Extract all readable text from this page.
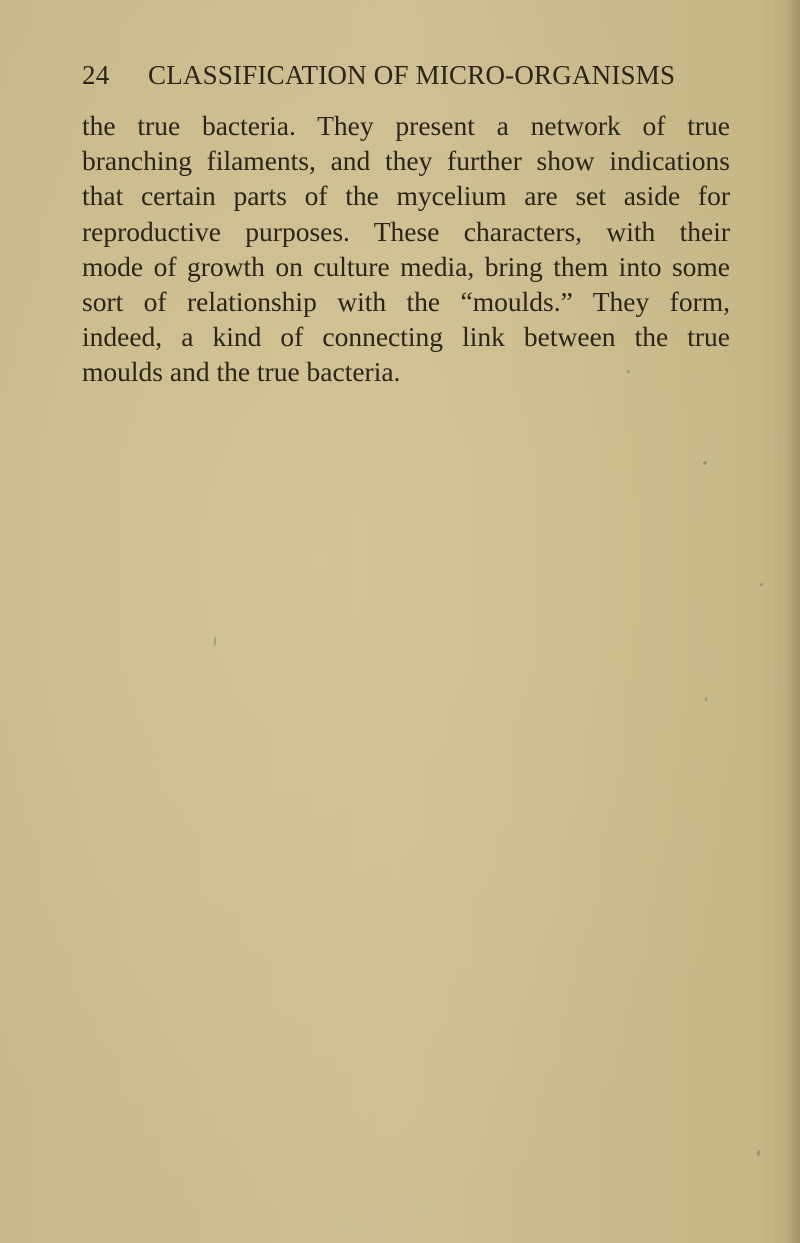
24 CLASSIFICATION OF MICRO-ORGANISMS
the true bacteria. They present a network of true
branching filaments, and they further show indications
that certain parts of the mycelium are set aside for
reproductive purposes. These characters, with their
mode of growth on culture media, bring them into some
sort of relationship with the “moulds.” They form,
indeed, a kind of connecting link between the true
moulds and the true bacteria.
